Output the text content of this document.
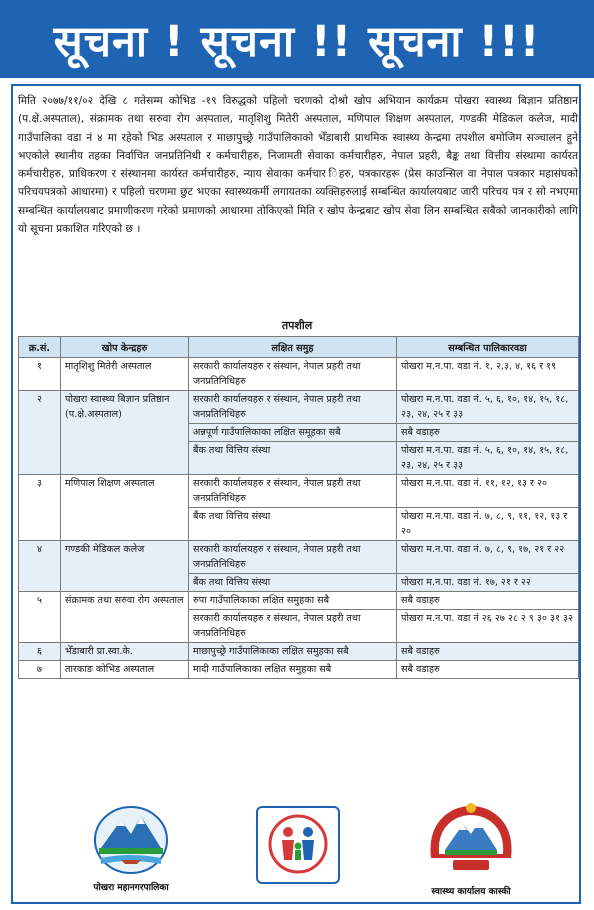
सूचना ! सूचना !! सूचना !!!
मिति २०७७/११/०२ देखि ८ गतेसम्म कोभिड -१९ विरुद्धको पहिलो चरणको दोश्रो खोप अभियान कार्यक्रम पोखरा स्वास्थ्य बिज्ञान प्रतिष्ठान (प.क्षे.अस्पताल), संक्रामक तथा सरुवा रोग अस्पताल, मातृशिशु मितेरी अस्पताल, मणिपाल शिक्षण अस्पताल, गण्डकी मेडिकल कलेज, मादी गाउँपालिका वडा नं ४ मा रहेको भिड अस्पताल र माछापुच्छ्रे गाउँपालिकाको भेँडाबारी प्राथमिक स्वास्थ्य केन्द्रमा तपशील बमोजिम सञ्चालन हुने भएकोले स्थानीय तहका निर्वाचित जनप्रतिनिधी र कर्मचारीहरु, निजामती सेवाका कर्मचारीहरु, नेपाल प्रहरी, बैङ्क तथा वित्तीय संस्थामा कार्यरत कर्मचारीहरु, प्राधिकरण र संस्थानमा कार्यरत कर्मचारीहरु, न्याय सेवाका कर्मचार िहरु, पत्रकारहरू (प्रेस काउन्सिल वा नेपाल पत्रकार महासंघको परिचयपत्रको आधारमा) र पहिलो चरणमा छुट भएका स्वास्थ्यकर्मी लगायतका व्यक्तिहरुलाई सम्बन्धित कार्यालयबाट जारी परिचय पत्र र सो नभएमा सम्बन्धित कार्यालयबाट प्रमाणीकरण गरेको प्रमाणको आधारमा तोकिएको मिति र खोप केन्द्रबाट खोप सेवा लिन सम्बन्धित सबैको जानकारीको लागि यो सूचना प्रकाशित गरिएको छ ।
तपशील
क्र.सं.	खोप केन्द्रहरु	लक्षित समुह	सम्बन्धित पालिकारवडा
१	मातृशिशु मितेरी अस्पताल	सरकारी कार्यालयहरु र संस्थान, नेपाल प्रहरी तथा जनप्रतिनिधिहरु	पोखरा म.न.पा. वडा नं. १, २,३, ४, १६ र १९
२	पोखरा स्वास्थ्य बिज्ञान प्रतिष्ठान (प.क्षे.अस्पताल)	सरकारी कार्यालयहरु र संस्थान, नेपाल प्रहरी तथा जनप्रतिनिधिहरु	पोखरा म.न.पा. वडा नं. ५, ६, १०, १४, १५, १८, २३, २४, २५ र ३३
		अन्नपूर्ण गाउँपालिकाका लक्षित समूहका सबै	सबै वडाहरु
		बैंक तथा वित्तिय संस्था	पोखरा म.न.पा. वडा नं. ५, ६, १०, १४, १५, १८, २३, २४, २५ र ३३
३	मणिपाल शिक्षण अस्पताल	सरकारी कार्यालयहरु र संस्थान, नेपाल प्रहरी तथा जनप्रतिनिधिहरु	पोखरा म.न.पा. वडा नं. ११, १२, १३ र २०
		बैंक तथा वित्तिय संस्था	पोखरा म.न.पा. वडा नं. ७, ८, ९, ११, १२, १३ र २०
४	गण्डकी मेडिकल कलेज	सरकारी कार्यालयहरु र संस्थान, नेपाल प्रहरी तथा जनप्रतिनिधिहरु	पोखरा म.न.पा. वडा नं. ७, ८, ९, १७, २१ र २२
		बैंक तथा वित्तिय संस्था	पोखरा म.न.पा. वडा नं. १७, २१ र २२
५	संक्रामक तथा सरुवा रोग अस्पताल	रुपा गाउँपालिकाका लक्षित समुहका सबै	सबै वडाहरु
		सरकारी कार्यालयहरु र संस्थान, नेपाल प्रहरी तथा जनप्रतिनिधिहरु	पोखरा म.न.पा. वडा नं २६ २७ २८ २ ९ ३० ३१ ३२
६	भेँडाबारी प्रा.स्वा.के.	माछापुच्छ्रे गाउँपालिकाका लक्षित समुहका सबै	सबै वडाहरु
७	तारकाङ कोभिड अस्पताल	मादी गाउँपालिकाका लक्षित समुहका सबै	सबै वडाहरु
पोखरा महानगरपालिका	स्वास्थ्य कार्यालय कास्की
